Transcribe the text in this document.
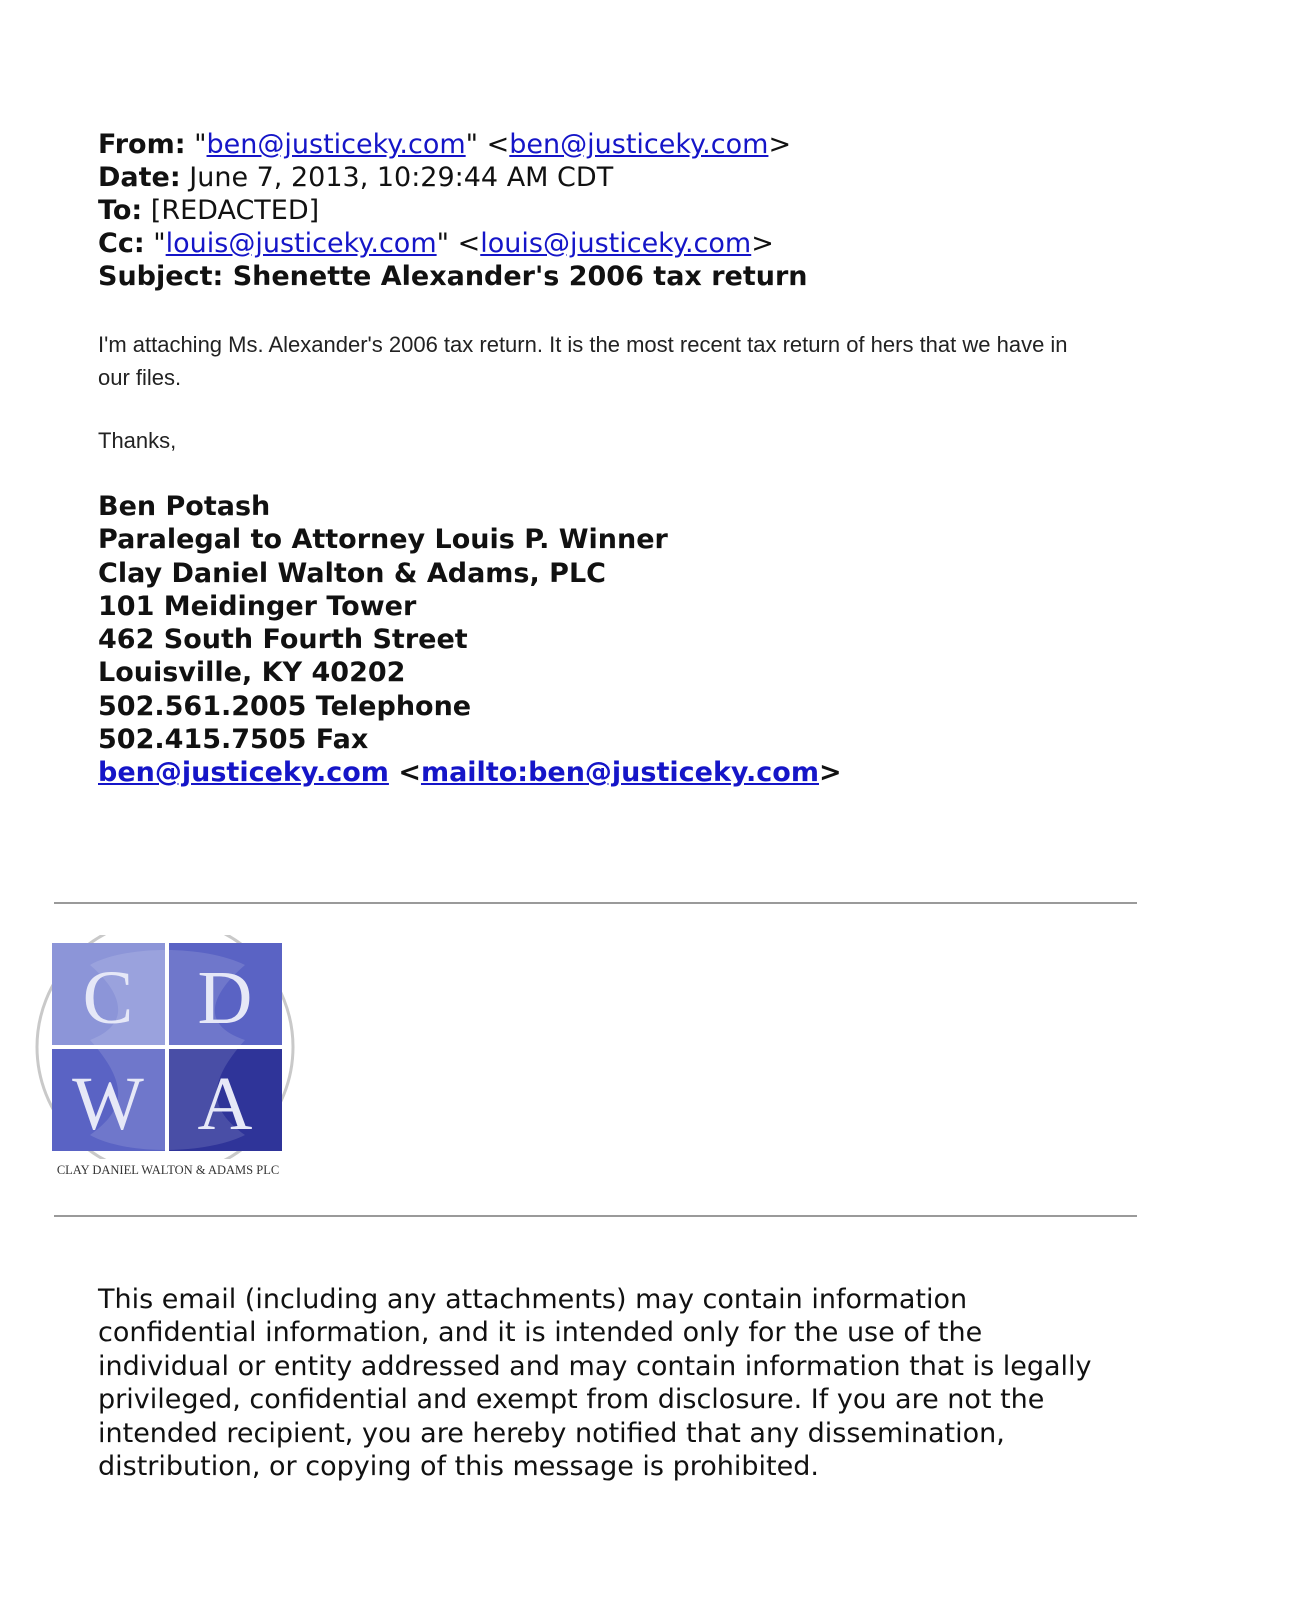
From: "ben@justiceky.com" <ben@justiceky.com>
Date: June 7, 2013, 10:29:44 AM CDT
To: [REDACTED]
Cc: "louis@justiceky.com" <louis@justiceky.com>
Subject: Shenette Alexander's 2006 tax return
I'm attaching Ms. Alexander's 2006 tax return. It is the most recent tax return of hers that we have in our files.
Thanks,
Ben Potash
Paralegal to Attorney Louis P. Winner
Clay Daniel Walton & Adams, PLC
101 Meidinger Tower
462 South Fourth Street
Louisville, KY 40202
502.561.2005 Telephone
502.415.7505 Fax
ben@justiceky.com <mailto:ben@justiceky.com>
C D
W A
CLAY DANIEL WALTON & ADAMS PLC
This email (including any attachments) may contain information confidential information, and it is intended only for the use of the individual or entity addressed and may contain information that is legally privileged, confidential and exempt from disclosure. If you are not the intended recipient, you are hereby notified that any dissemination, distribution, or copying of this message is prohibited.
